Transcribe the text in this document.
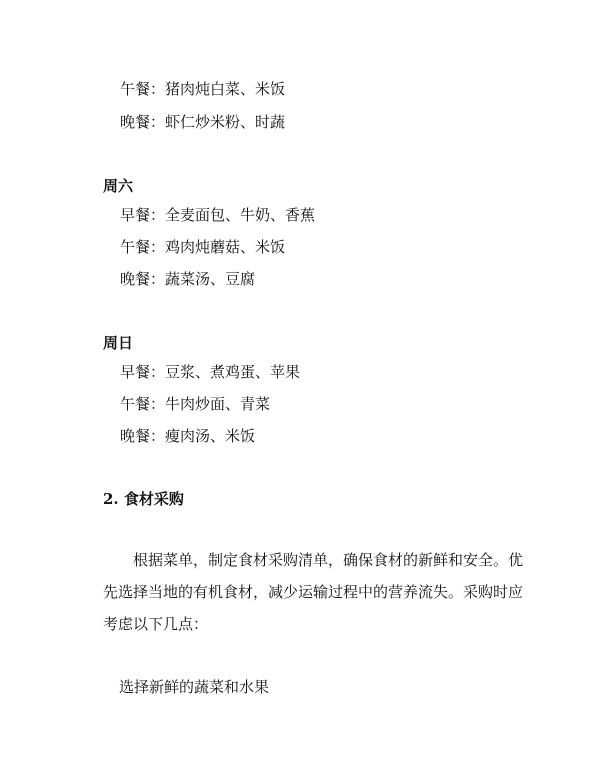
午餐：猪肉炖白菜、米饭
晚餐：虾仁炒米粉、时蔬
周六
早餐：全麦面包、牛奶、香蕉
午餐：鸡肉炖蘑菇、米饭
晚餐：蔬菜汤、豆腐
周日
早餐：豆浆、煮鸡蛋、苹果
午餐：牛肉炒面、青菜
晚餐：瘦肉汤、米饭
2. 食材采购
根据菜单，制定食材采购清单，确保食材的新鲜和安全。优先选择当地的有机食材，减少运输过程中的营养流失。采购时应考虑以下几点：
选择新鲜的蔬菜和水果
